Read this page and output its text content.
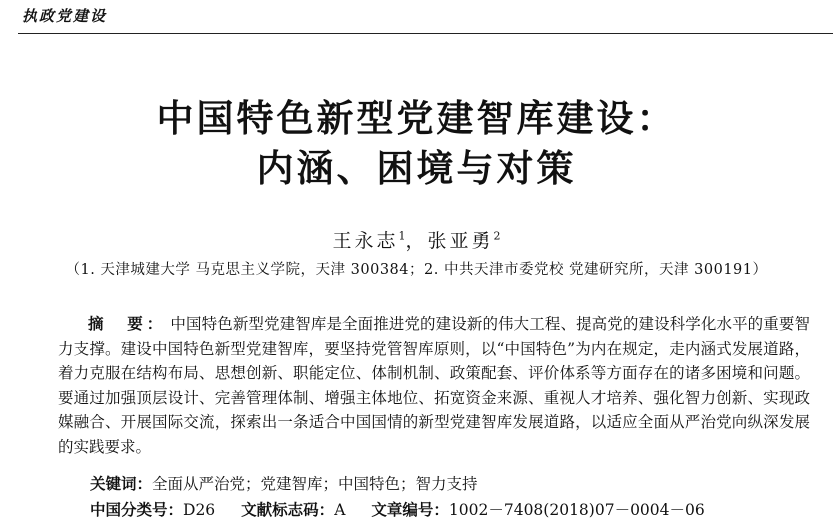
执政党建设
中国特色新型党建智库建设：
内涵、困境与对策
王永志$^1$，张亚勇$^2$
（1. 天津城建大学 马克思主义学院，天津 300384；2. 中共天津市委党校 党建研究所，天津 300191）
摘　要： 中国特色新型党建智库是全面推进党的建设新的伟大工程、提高党的建设科学化水平的重要智力支撑。建设中国特色新型党建智库，要坚持党管智库原则，以“中国特色”为内在规定，走内涵式发展道路，着力克服在结构布局、思想创新、职能定位、体制机制、政策配套、评价体系等方面存在的诸多困境和问题。要通过加强顶层设计、完善管理体制、增强主体地位、拓宽资金来源、重视人才培养、强化智力创新、实现政媒融合、开展国际交流，探索出一条适合中国国情的新型党建智库发展道路，以适应全面从严治党向纵深发展的实践要求。
关键词：全面从严治党；党建智库；中国特色；智力支持
中国分类号：D26 文献标志码：A 文章编号：1002－7408(2018)07－0004－06
